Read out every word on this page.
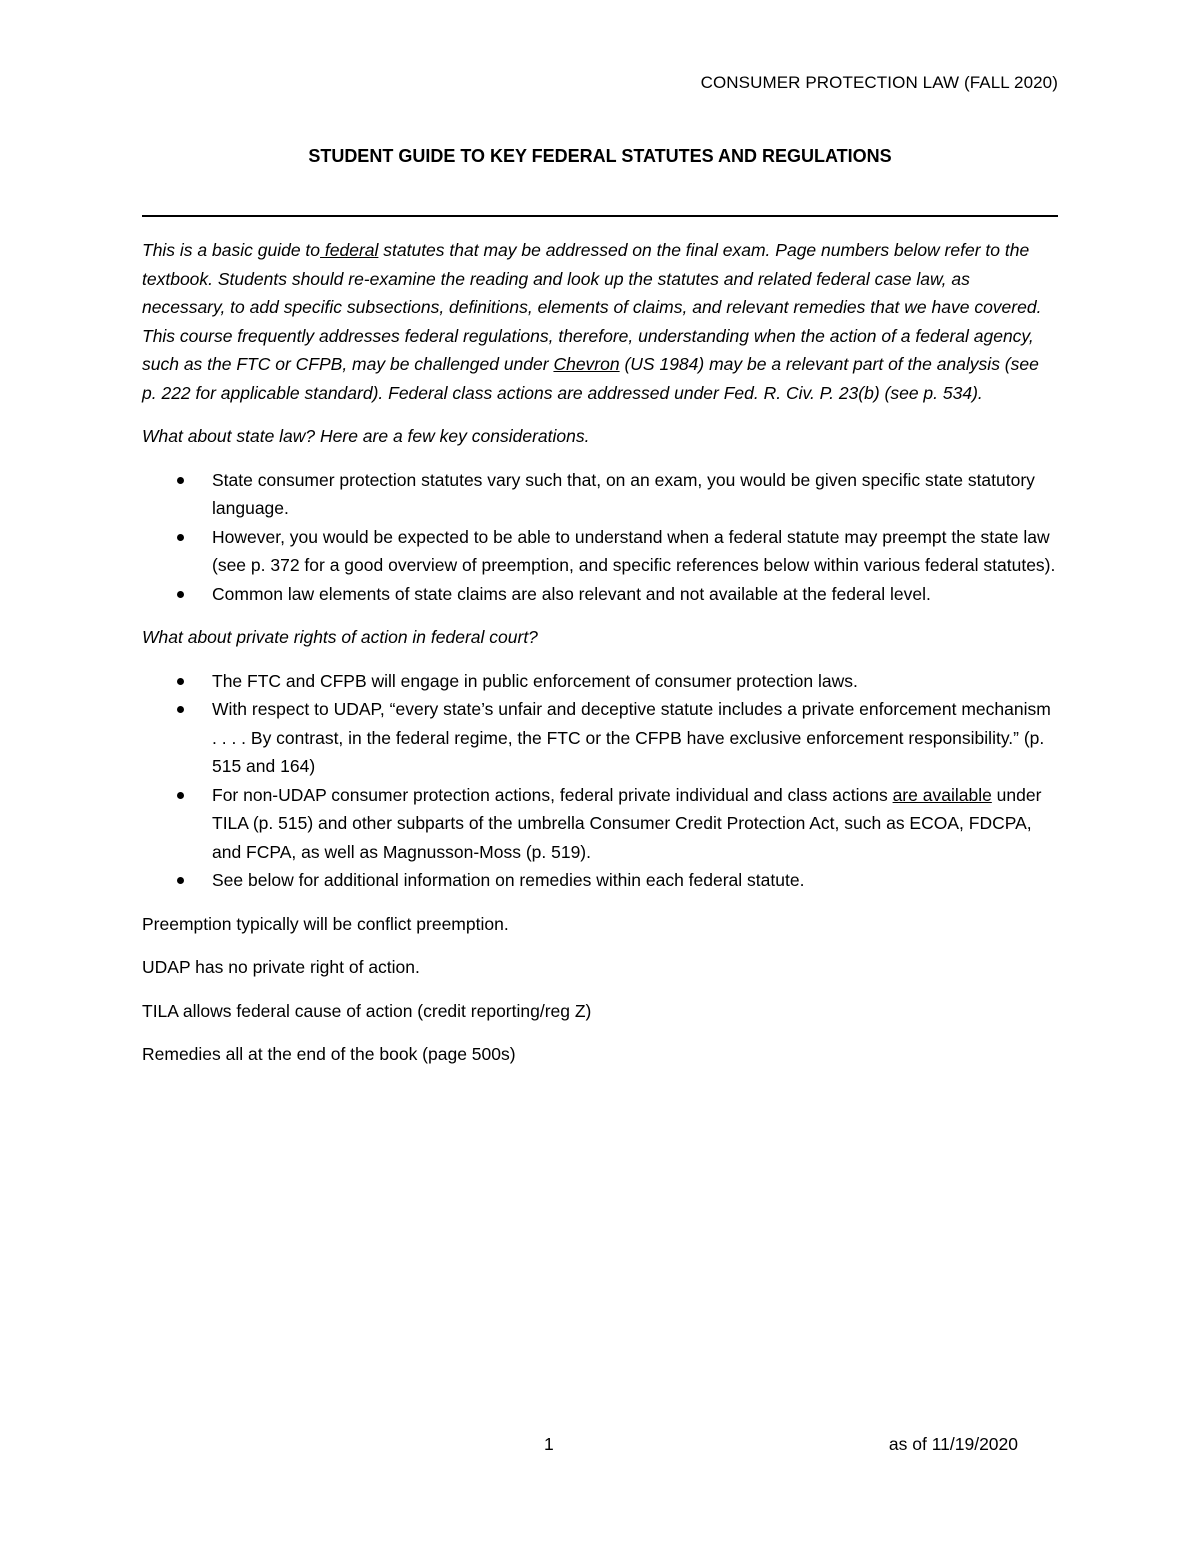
CONSUMER PROTECTION LAW (FALL 2020)
STUDENT GUIDE TO KEY FEDERAL STATUTES AND REGULATIONS

This is a basic guide to federal statutes that may be addressed on the final exam. Page numbers below refer to the textbook. Students should re-examine the reading and look up the statutes and related federal case law, as necessary, to add specific subsections, definitions, elements of claims, and relevant remedies that we have covered. This course frequently addresses federal regulations, therefore, understanding when the action of a federal agency, such as the FTC or CFPB, may be challenged under Chevron (US 1984) may be a relevant part of the analysis (see p. 222 for applicable standard). Federal class actions are addressed under Fed. R. Civ. P. 23(b) (see p. 534).

What about state law? Here are a few key considerations.

State consumer protection statutes vary such that, on an exam, you would be given specific state statutory language.
However, you would be expected to be able to understand when a federal statute may preempt the state law (see p. 372 for a good overview of preemption, and specific references below within various federal statutes).
Common law elements of state claims are also relevant and not available at the federal level.

What about private rights of action in federal court?

The FTC and CFPB will engage in public enforcement of consumer protection laws.
With respect to UDAP, “every state’s unfair and deceptive statute includes a private enforcement mechanism . . . . By contrast, in the federal regime, the FTC or the CFPB have exclusive enforcement responsibility.” (p. 515 and 164)
For non-UDAP consumer protection actions, federal private individual and class actions are available under TILA (p. 515) and other subparts of the umbrella Consumer Credit Protection Act, such as ECOA, FDCPA, and FCPA, as well as Magnusson-Moss (p. 519).
See below for additional information on remedies within each federal statute.

Preemption typically will be conflict preemption.

UDAP has no private right of action.

TILA allows federal cause of action (credit reporting/reg Z)

Remedies all at the end of the book (page 500s)

1	as of 11/19/2020
